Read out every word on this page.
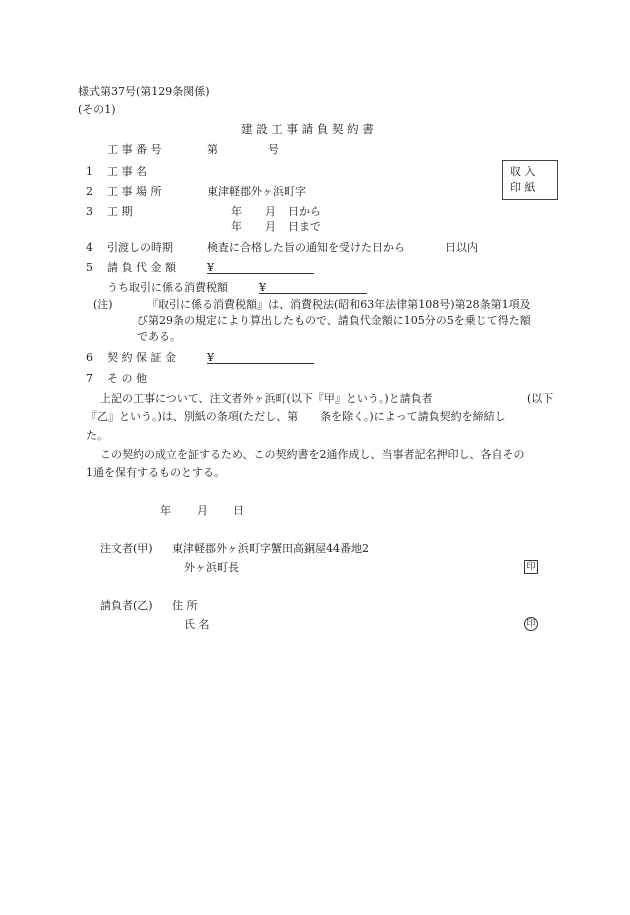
様式第37号(第129条関係)
(その1)
建 設 工 事 請 負 契 約 書
工 事 番 号	第	号
収 入
印 紙
1 工 事 名
2 工 事 場 所	東津軽郡外ヶ浜町字
3 工 期	年 月 日から
年 月 日まで
4 引渡しの時期	検査に合格した旨の通知を受けた日から	日以内
5 請 負 代 金 額	¥
うち取引に係る消費税額	¥
(注)	『取引に係る消費税額』は、消費税法(昭和63年法律第108号)第28条第1項及
び第29条の規定により算出したもので、請負代金額に105分の5を乗じて得た額
である。
6 契 約 保 証 金	¥
7 そ の 他
上記の工事について、注文者外ヶ浜町(以下『甲』という。)と請負者	(以下
『乙』という。)は、別紙の条項(ただし、第　　条を除く。)によって請負契約を締結し
た。
この契約の成立を証するため、この契約書を2通作成し、当事者記名押印し、各自その
1通を保有するものとする。
年 月 日
注文者(甲) 東津軽郡外ヶ浜町字蟹田高銅屋44番地2
外ヶ浜町長	印
請負者(乙) 住 所
氏 名	印
